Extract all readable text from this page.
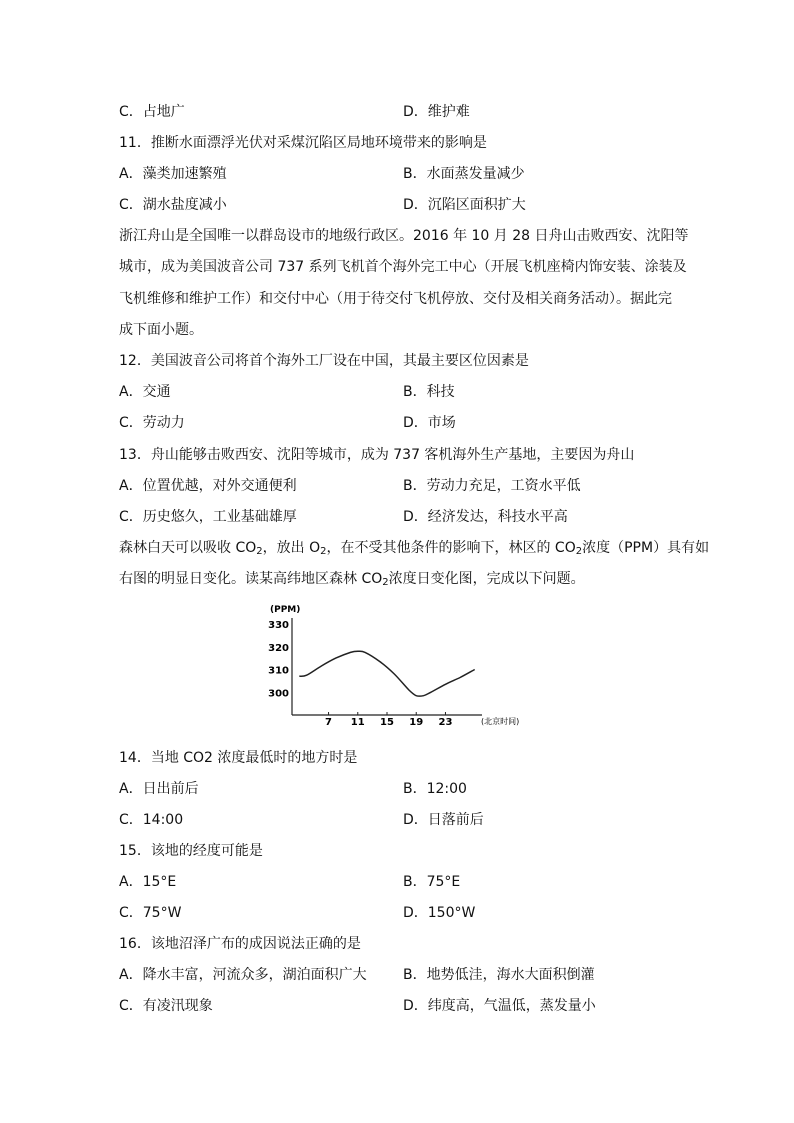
C．占地广	D．维护难
11．推断水面漂浮光伏对采煤沉陷区局地环境带来的影响是
A．藻类加速繁殖	B．水面蒸发量减少
C．湖水盐度减小	D．沉陷区面积扩大
浙江舟山是全国唯一以群岛设市的地级行政区。2016 年 10 月 28 日舟山击败西安、沈阳等
城市，成为美国波音公司 737 系列飞机首个海外完工中心（开展飞机座椅内饰安装、涂装及
飞机维修和维护工作）和交付中心（用于待交付飞机停放、交付及相关商务活动）。据此完
成下面小题。
12．美国波音公司将首个海外工厂设在中国，其最主要区位因素是
A．交通	B．科技
C．劳动力	D．市场
13．舟山能够击败西安、沈阳等城市，成为 737 客机海外生产基地，主要因为舟山
A．位置优越，对外交通便利	B．劳动力充足，工资水平低
C．历史悠久，工业基础雄厚	D．经济发达，科技水平高
森林白天可以吸收 $CO_2$，放出 $O_2$，在不受其他条件的影响下，林区的 $CO_2$浓度（PPM）具有如
右图的明显日变化。读某高纬地区森林 $CO_2$浓度日变化图，完成以下问题。
(PPM)
330
320
310
300
7 11 15 19 23	(北京时间)
14．当地 CO2 浓度最低时的地方时是
A．日出前后	B．12:00
C．14:00	D．日落前后
15．该地的经度可能是
A．15°E	B．75°E
C．75°W	D．150°W
16．该地沼泽广布的成因说法正确的是
A．降水丰富，河流众多，湖泊面积广大	B．地势低洼，海水大面积倒灌
C．有凌汛现象	D．纬度高，气温低，蒸发量小
